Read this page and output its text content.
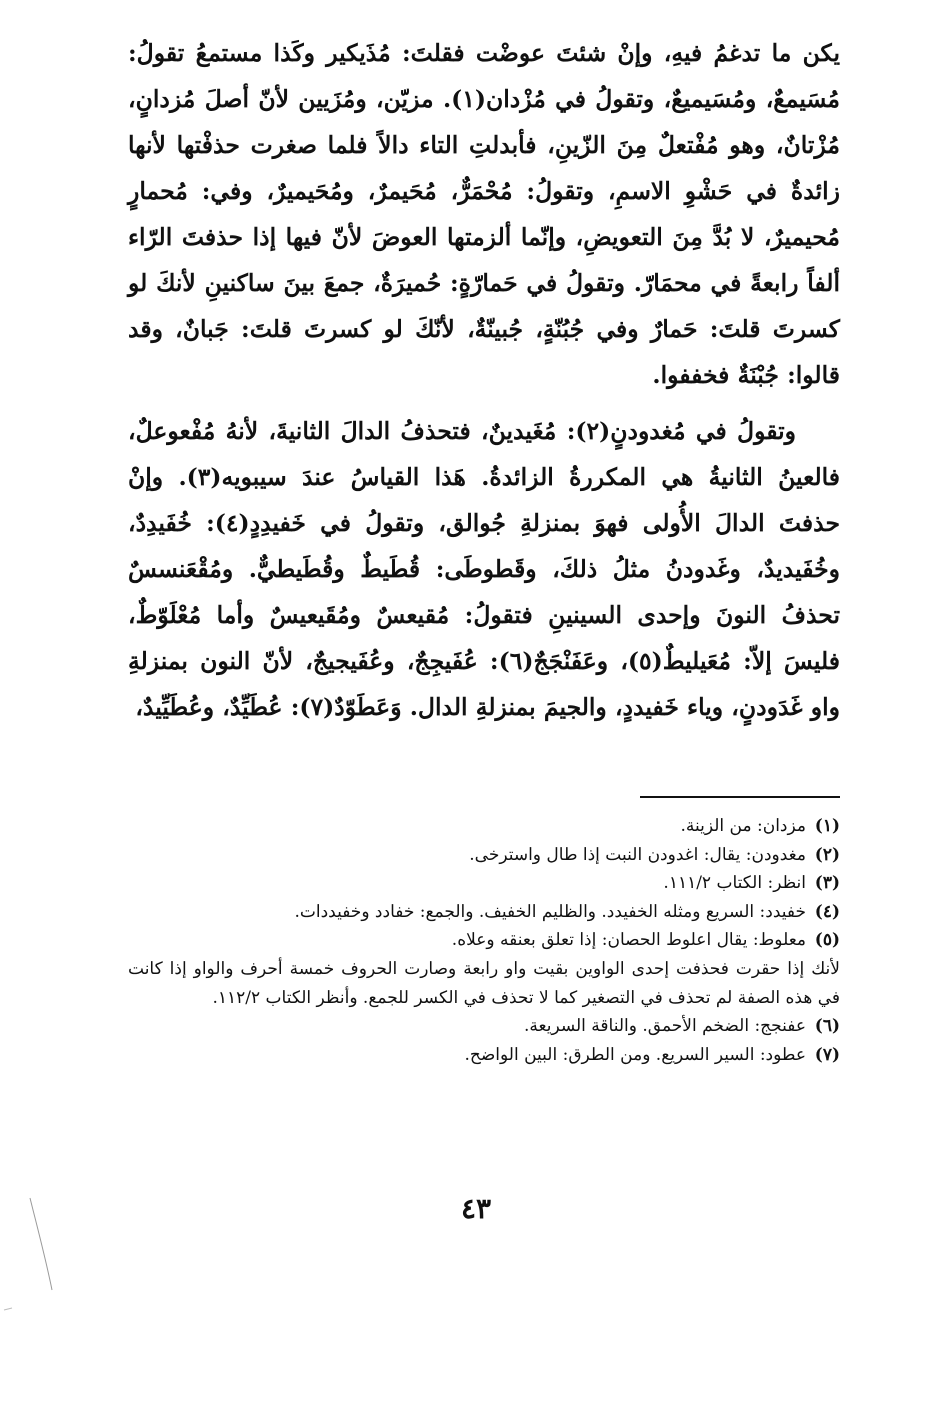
يكن ما تدغمُ فيهِ، وإنْ شئتَ عوضْت فقلتَ: مُذَيكير وكَذا مستمعُ تقولُ: مُسَيمعٌ، ومُسَيميعٌ، وتقولُ في مُزْدان(١). مزيّن، ومُزَيين لأنّ أصلَ مُزدانٍ، مُزْتانٌ، وهو مُفْتعلٌ مِنَ الزّينِ، فأبدلتِ التاء دالاً فلما صغرت حذفْتها لأنها زائدةٌ في حَشْوِ الاسمِ، وتقولُ: مُحْمَرٌّ، مُحَيمرٌ، ومُحَيميرٌ، وفي: مُحمارٍ مُحيميرٌ، لا بُدَّ مِنَ التعويضِ، وإنّما ألزمتها العوضَ لأنّ فيها إذا حذفتَ الرّاء ألفاً رابعةً في محمَارّ. وتقولُ في حَمارّةٍ: حُميرَةٌ، جمعَ بينَ ساكنينِ لأنكَ لو كسرتَ قلتَ: حَمارٌ وفي جُبُنّةٍ، جُبينّةٌ، لأنّكَ لو كسرتَ قلتَ: جَبانٌ، وقد قالوا: جُبْنَةٌ فخففوا.

وتقولُ في مُغدودنٍ(٢): مُغَيدينٌ، فتحذفُ الدالَ الثانيةَ، لأنهُ مُفْعوعلٌ، فالعينُ الثانيةُ هي المكررةُ الزائدةُ. هَذا القياسُ عندَ سيبويه(٣). وإنْ حذفتَ الدالَ الأُولى فهوَ بمنزلةِ جُوالق، وتقولُ في خَفيدِدٍ(٤): خُفَيدِدٌ، وخُفَيديدٌ، وغَدودنُ مثلُ ذلكَ، وقَطوطَى: قُطَيطٌ وقُطَيطيٌّ. ومُقْعَنسسٌ تحذفُ النونَ وإحدى السينينِ فتقولُ: مُقيعسٌ ومُقَيعيسٌ وأما مُعْلَوّطٌ، فليسَ إلاّ: مُعَيليطٌ(٥)، وعَفَنْجَجٌ(٦): عُفَيجِجٌ، وعُفَيجيجٌ، لأنّ النون بمنزلةِ واو غَدَودنٍ، وياء خَفيددٍ، والجيمَ بمنزلةِ الدال. وَعَطَوّدٌ(٧): عُطَيِّدٌ، وعُطَيِّيدٌ،

(١)
مزدان: من الزينة.

(٢)
مغدودن: يقال: اغدودن النبت إذا طال واسترخى.

(٣)
انظر: الكتاب ١١١/٢.

(٤)
خفيدد: السريع ومثله الخفيدد. والظليم الخفيف. والجمع: خفادد وخفيددات.

(٥)
معلوط: يقال اعلوط الحصان: إذا تعلق بعنقه وعلاه.

لأنك إذا حقرت فحذفت إحدى الواوين بقيت واو رابعة وصارت الحروف خمسة أحرف والواو إذا كانت في هذه الصفة لم تحذف في التصغير كما لا تحذف في الكسر للجمع. وأنظر الكتاب ١١٢/٢.

(٦)
عفنجج: الضخم الأحمق. والناقة السريعة.

(٧)
عطود: السير السريع. ومن الطرق: البين الواضح.

٤٣
